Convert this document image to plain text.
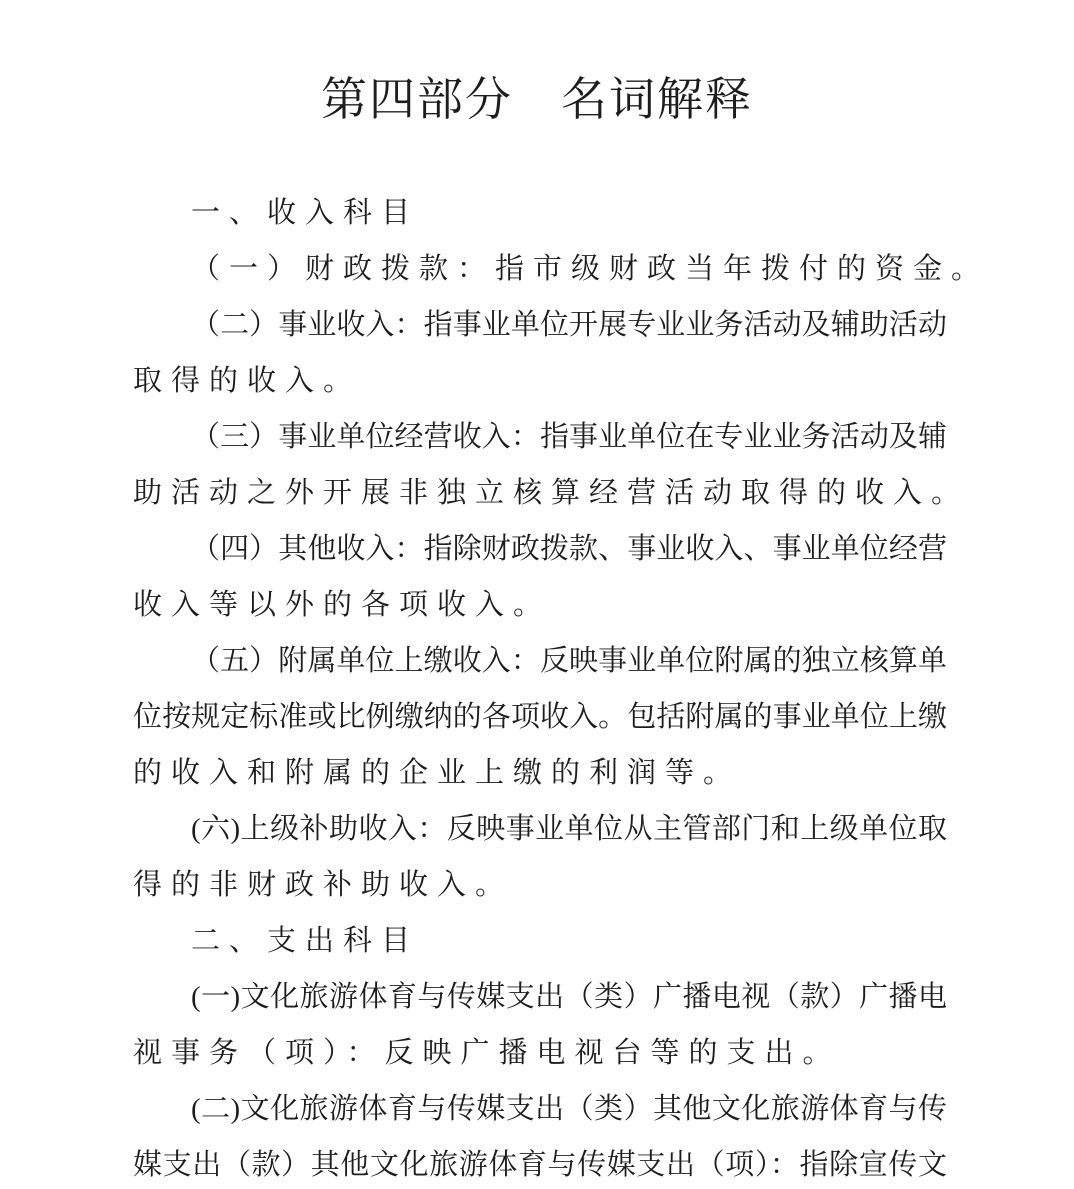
第四部分　名词解释
一、收入科目
（一）财政拨款：指市级财政当年拨付的资金。
（二）事业收入：指事业单位开展专业业务活动及辅助活动
取得的收入。
（三）事业单位经营收入：指事业单位在专业业务活动及辅
助活动之外开展非独立核算经营活动取得的收入。
（四）其他收入：指除财政拨款、事业收入、事业单位经营
收入等以外的各项收入。
（五）附属单位上缴收入：反映事业单位附属的独立核算单
位按规定标准或比例缴纳的各项收入。包括附属的事业单位上缴
的收入和附属的企业上缴的利润等。
(六)上级补助收入：反映事业单位从主管部门和上级单位取
得的非财政补助收入。
二、支出科目
(一)文化旅游体育与传媒支出（类）广播电视（款）广播电
视事务（项）：反映广播电视台等的支出。
(二)文化旅游体育与传媒支出（类）其他文化旅游体育与传
媒支出（款）其他文化旅游体育与传媒支出（项）：指除宣传文
